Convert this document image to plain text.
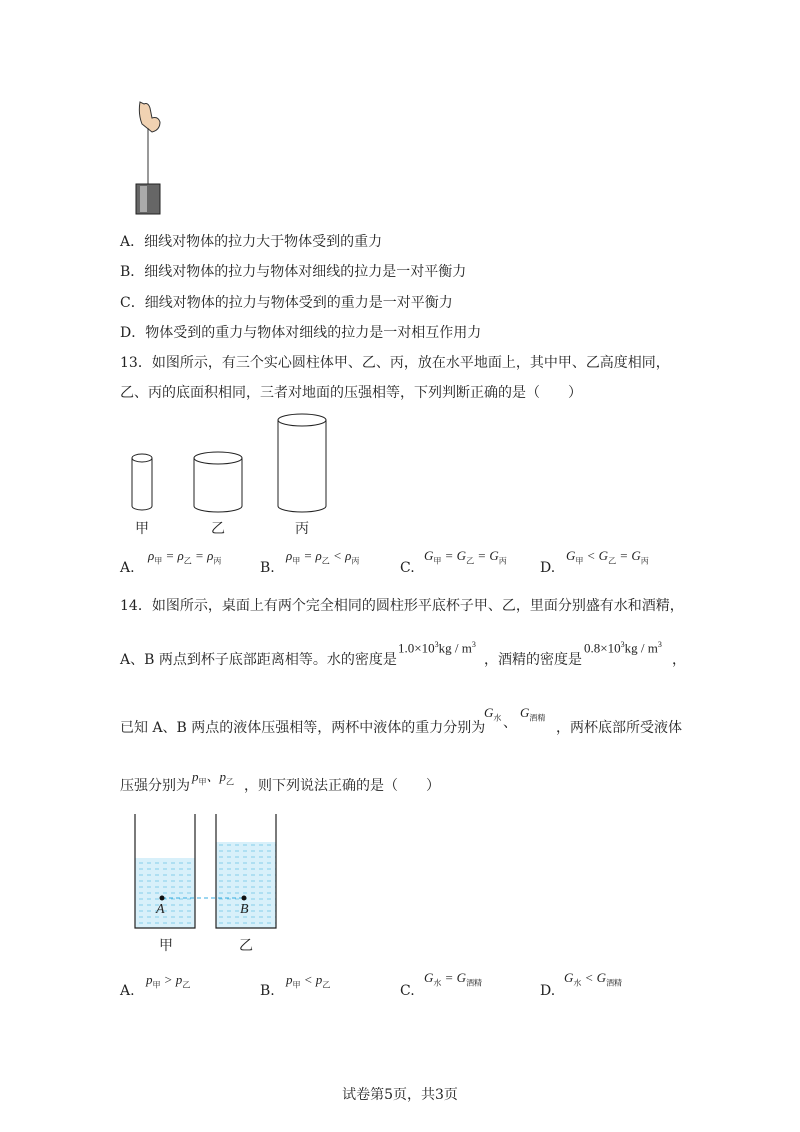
A．细线对物体的拉力大于物体受到的重力
B．细线对物体的拉力与物体对细线的拉力是一对平衡力
C．细线对物体的拉力与物体受到的重力是一对平衡力
D．物体受到的重力与物体对细线的拉力是一对相互作用力
13．如图所示，有三个实心圆柱体甲、乙、丙，放在水平地面上，其中甲、乙高度相同，
乙、丙的底面积相同，三者对地面的压强相等，下列判断正确的是（　　）
甲	乙	丙
A.
$\rho_甲 = \rho_乙 = \rho_丙$	B.
$\rho_甲 = \rho_乙 < \rho_丙$	C.
$G_甲 = G_乙 = G_丙$ D.
$G_甲 < G_乙 = G_丙$
14．如图所示，桌面上有两个完全相同的圆柱形平底杯子甲、乙，里面分别盛有水和酒精，
A、B 两点到杯子底部距离相等。水的密度是
$1.0\times 10^3kg / m^3$
，酒精的密度是
$0.8\times 10^3kg / m^3$
，
已知 A、B 两点的液体压强相等，两杯中液体的重力分别为
$G_水$ 、
$G_{酒精}$
，两杯底部所受液体
压强分别为
$p_甲$、$p_乙$ ，则下列说法正确的是（　　）
A	B
甲	乙
A.
$p_甲 > p_乙$	B.
$p_甲 < p_乙$	C.
$G_水 = G_{酒精}$	D.
$G_水 < G_{酒精}$
试卷第5页，共3页
